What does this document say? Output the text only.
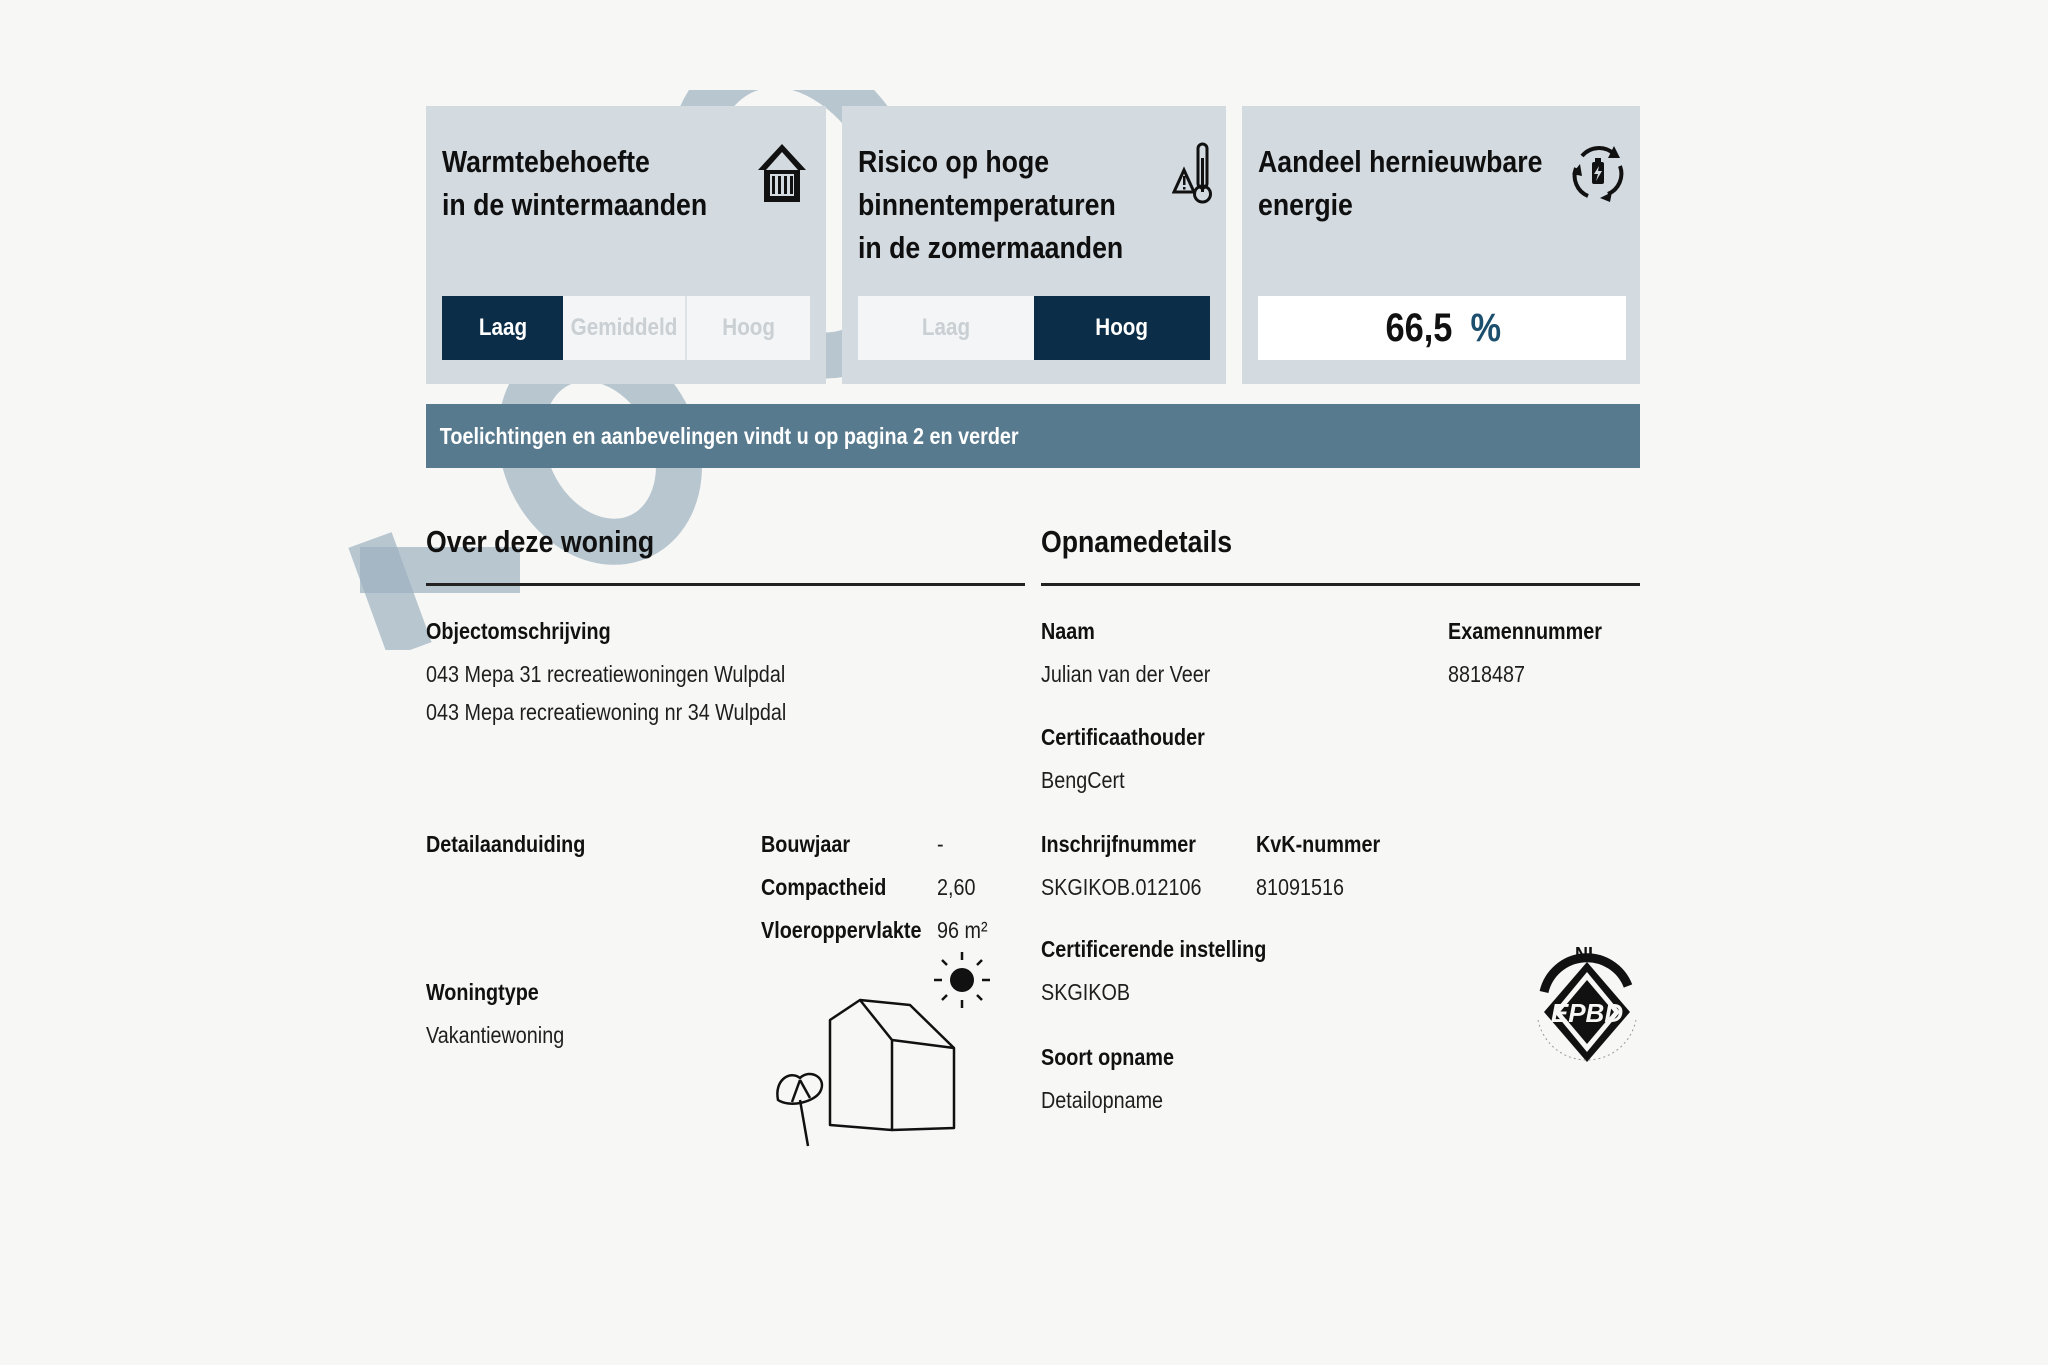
Warmtebehoefte
in de wintermaanden
Laag Gemiddeld Hoog
Risico op hoge
binnentemperaturen
in de zomermaanden
Laag	Hoog
Aandeel hernieuwbare
energie
66,5 %
Toelichtingen en aanbevelingen vindt u op pagina 2 en verder
Over deze woning
Objectomschrijving
043 Mepa 31 recreatiewoningen Wulpdal
043 Mepa recreatiewoning nr 34 Wulpdal
Detailaanduiding	Bouwjaar	-
Compactheid 2,60
Vloeroppervlakte 96 m²
Woningtype
Vakantiewoning
Opnamedetails
Naam
Julian van der Veer
Examennummer
8818487
Certificaathouder
BengCert
Inschrijfnummer
SKGIKOB.012106
KvK-nummer
81091516
Certificerende instelling
SKGIKOB
Soort opname
Detailopname
NL
EPBD
